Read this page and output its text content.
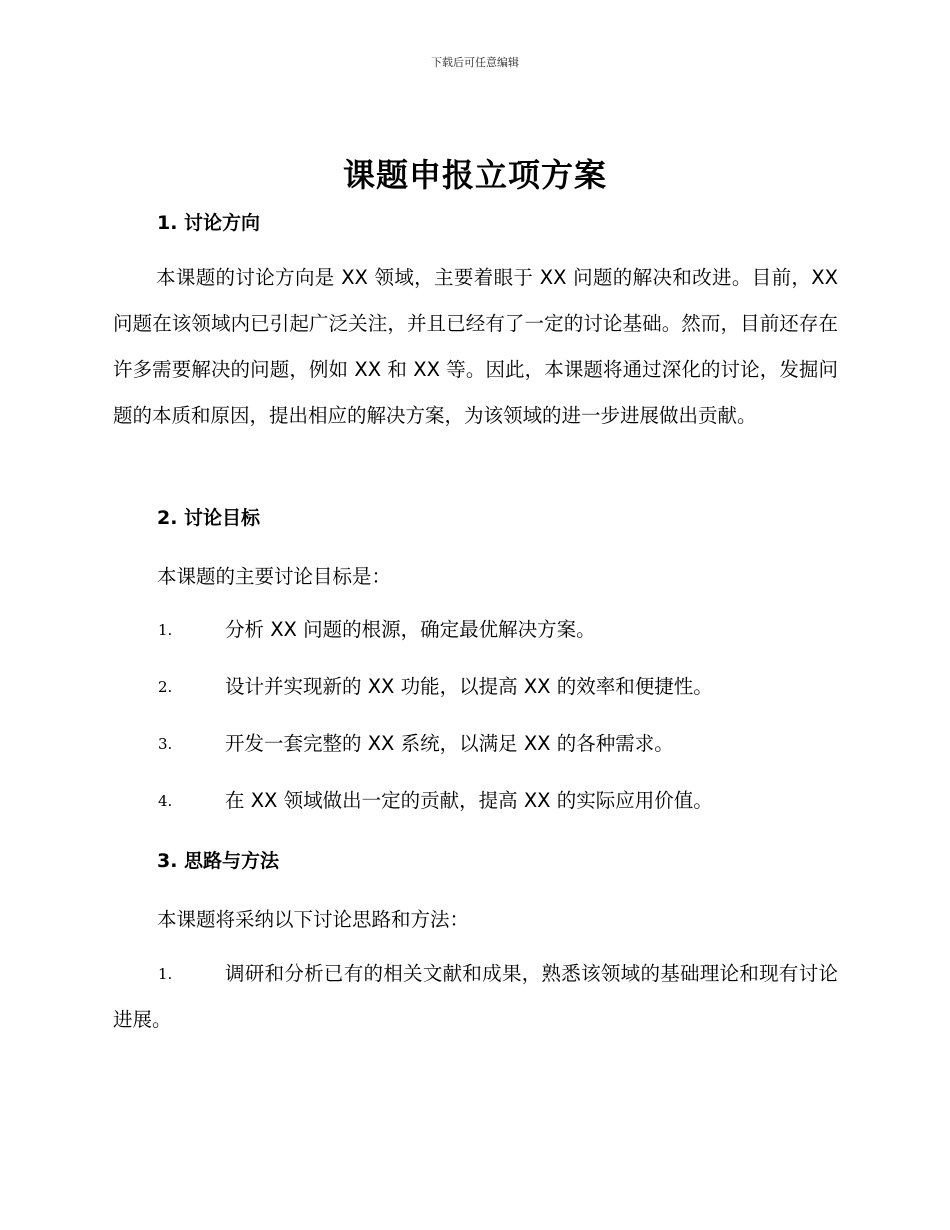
下载后可任意编辑
课题申报立项方案
1. 讨论方向

本课题的讨论方向是 XX 领域，主要着眼于 XX 问题的解决和改进。目前，XX 问题在该领域内已引起广泛关注，并且已经有了一定的讨论基础。然而，目前还存在许多需要解决的问题，例如 XX 和 XX 等。因此，本课题将通过深化的讨论，发掘问题的本质和原因，提出相应的解决方案，为该领域的进一步进展做出贡献。

2. 讨论目标
本课题的主要讨论目标是：
1.	分析 XX 问题的根源，确定最优解决方案。
2.	设计并实现新的 XX 功能，以提高 XX 的效率和便捷性。
3.	开发一套完整的 XX 系统，以满足 XX 的各种需求。
4.	在 XX 领域做出一定的贡献，提高 XX 的实际应用价值。
3. 思路与方法
本课题将采纳以下讨论思路和方法：
1.	调研和分析已有的相关文献和成果，熟悉该领域的基础理论和现有讨论进展。
